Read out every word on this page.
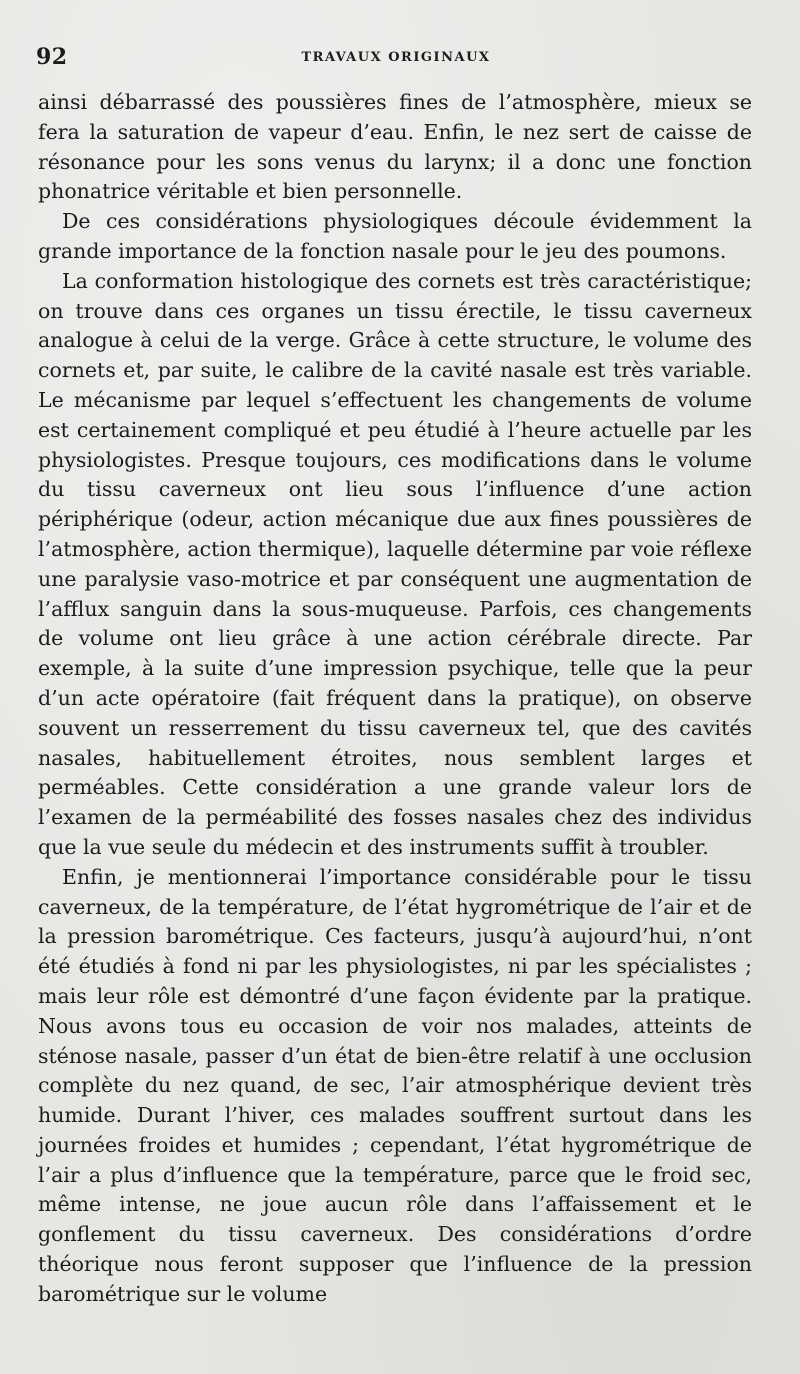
92	TRAVAUX ORIGINAUX

ainsi débarrassé des poussières fines de l’atmosphère, mieux se fera la saturation de vapeur d’eau. Enfin, le nez sert de caisse de résonance pour les sons venus du larynx; il a donc une fonction phonatrice véritable et bien personnelle.

De ces considérations physiologiques découle évidemment la grande importance de la fonction nasale pour le jeu des poumons.

La conformation histologique des cornets est très caractéristique; on trouve dans ces organes un tissu érectile, le tissu caverneux analogue à celui de la verge. Grâce à cette structure, le volume des cornets et, par suite, le calibre de la cavité nasale est très variable. Le mécanisme par lequel s’effectuent les changements de volume est certainement compliqué et peu étudié à l’heure actuelle par les physiologistes. Presque toujours, ces modifications dans le volume du tissu caverneux ont lieu sous l’influence d’une action périphérique (odeur, action mécanique due aux fines poussières de l’atmosphère, action thermique), laquelle détermine par voie réflexe une paralysie vaso-motrice et par conséquent une augmentation de l’afflux sanguin dans la sous-muqueuse. Parfois, ces changements de volume ont lieu grâce à une action cérébrale directe. Par exemple, à la suite d’une impression psychique, telle que la peur d’un acte opératoire (fait fréquent dans la pratique), on observe souvent un resserrement du tissu caverneux tel, que des cavités nasales, habituellement étroites, nous semblent larges et perméables. Cette considération a une grande valeur lors de l’examen de la perméabilité des fosses nasales chez des individus que la vue seule du médecin et des instruments suffit à troubler.

Enfin, je mentionnerai l’importance considérable pour le tissu caverneux, de la température, de l’état hygrométrique de l’air et de la pression barométrique. Ces facteurs, jusqu’à aujourd’hui, n’ont été étudiés à fond ni par les physiologistes, ni par les spécialistes ; mais leur rôle est démontré d’une façon évidente par la pratique. Nous avons tous eu occasion de voir nos malades, atteints de sténose nasale, passer d’un état de bien-être relatif à une occlusion complète du nez quand, de sec, l’air atmosphérique devient très humide. Durant l’hiver, ces malades souffrent surtout dans les journées froides et humides ; cependant, l’état hygrométrique de l’air a plus d’influence que la température, parce que le froid sec, même intense, ne joue aucun rôle dans l’affaissement et le gonflement du tissu caverneux. Des considérations d’ordre théorique nous feront supposer que l’influence de la pression barométrique sur le volume
